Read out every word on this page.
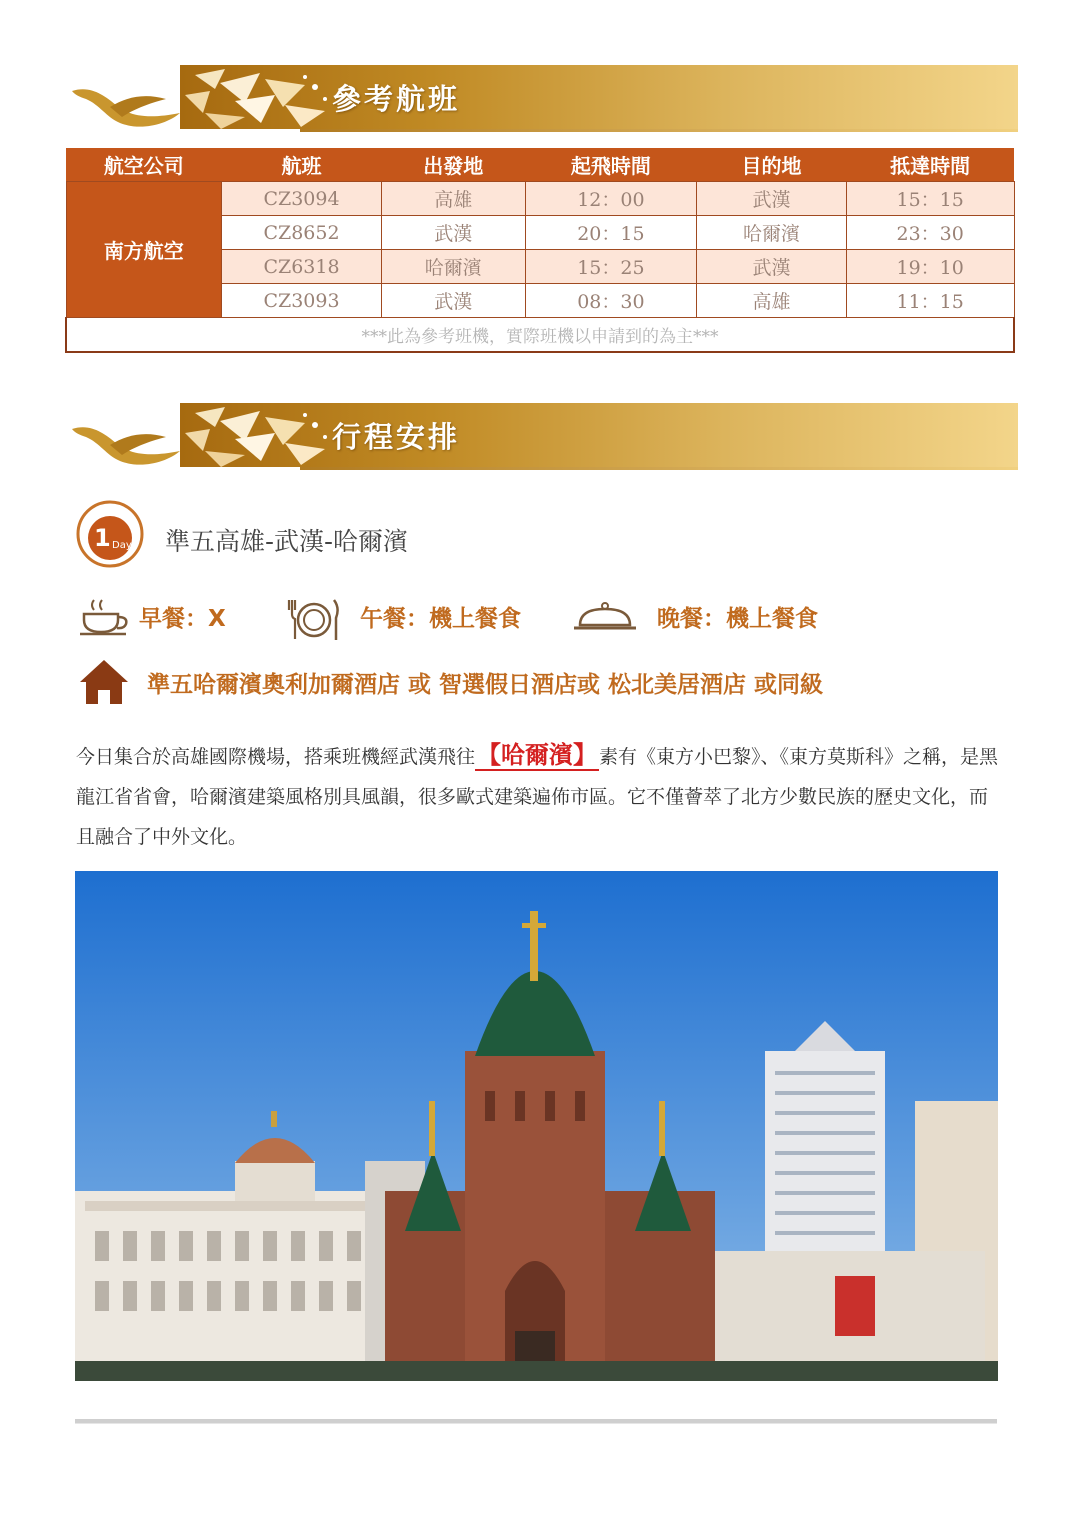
參考航班
航空公司	航班	出發地	起飛時間	目的地	抵達時間
南方航空	CZ3094	高雄	12：00	武漢	15：15
	CZ8652	武漢	20：15	哈爾濱	23：30
	CZ6318	哈爾濱	15：25	武漢	19：10
	CZ3093	武漢	08：30	高雄	11：15
***此為參考班機，實際班機以申請到的為主***					
行程安排
1 Day 準五高雄-武漢-哈爾濱
早餐：X	午餐：機上餐食	晚餐：機上餐食
準五哈爾濱奧利加爾酒店 或 智選假日酒店或 松北美居酒店 或同級
今日集合於高雄國際機場，搭乘班機經武漢飛往【哈爾濱】 素有《東方小巴黎》、《東方莫斯科》之稱，是黑龍江省省會，哈爾濱建築風格別具風韻，很多歐式建築遍佈市區。它不僅薈萃了北方少數民族的歷史文化，而且融合了中外文化。
